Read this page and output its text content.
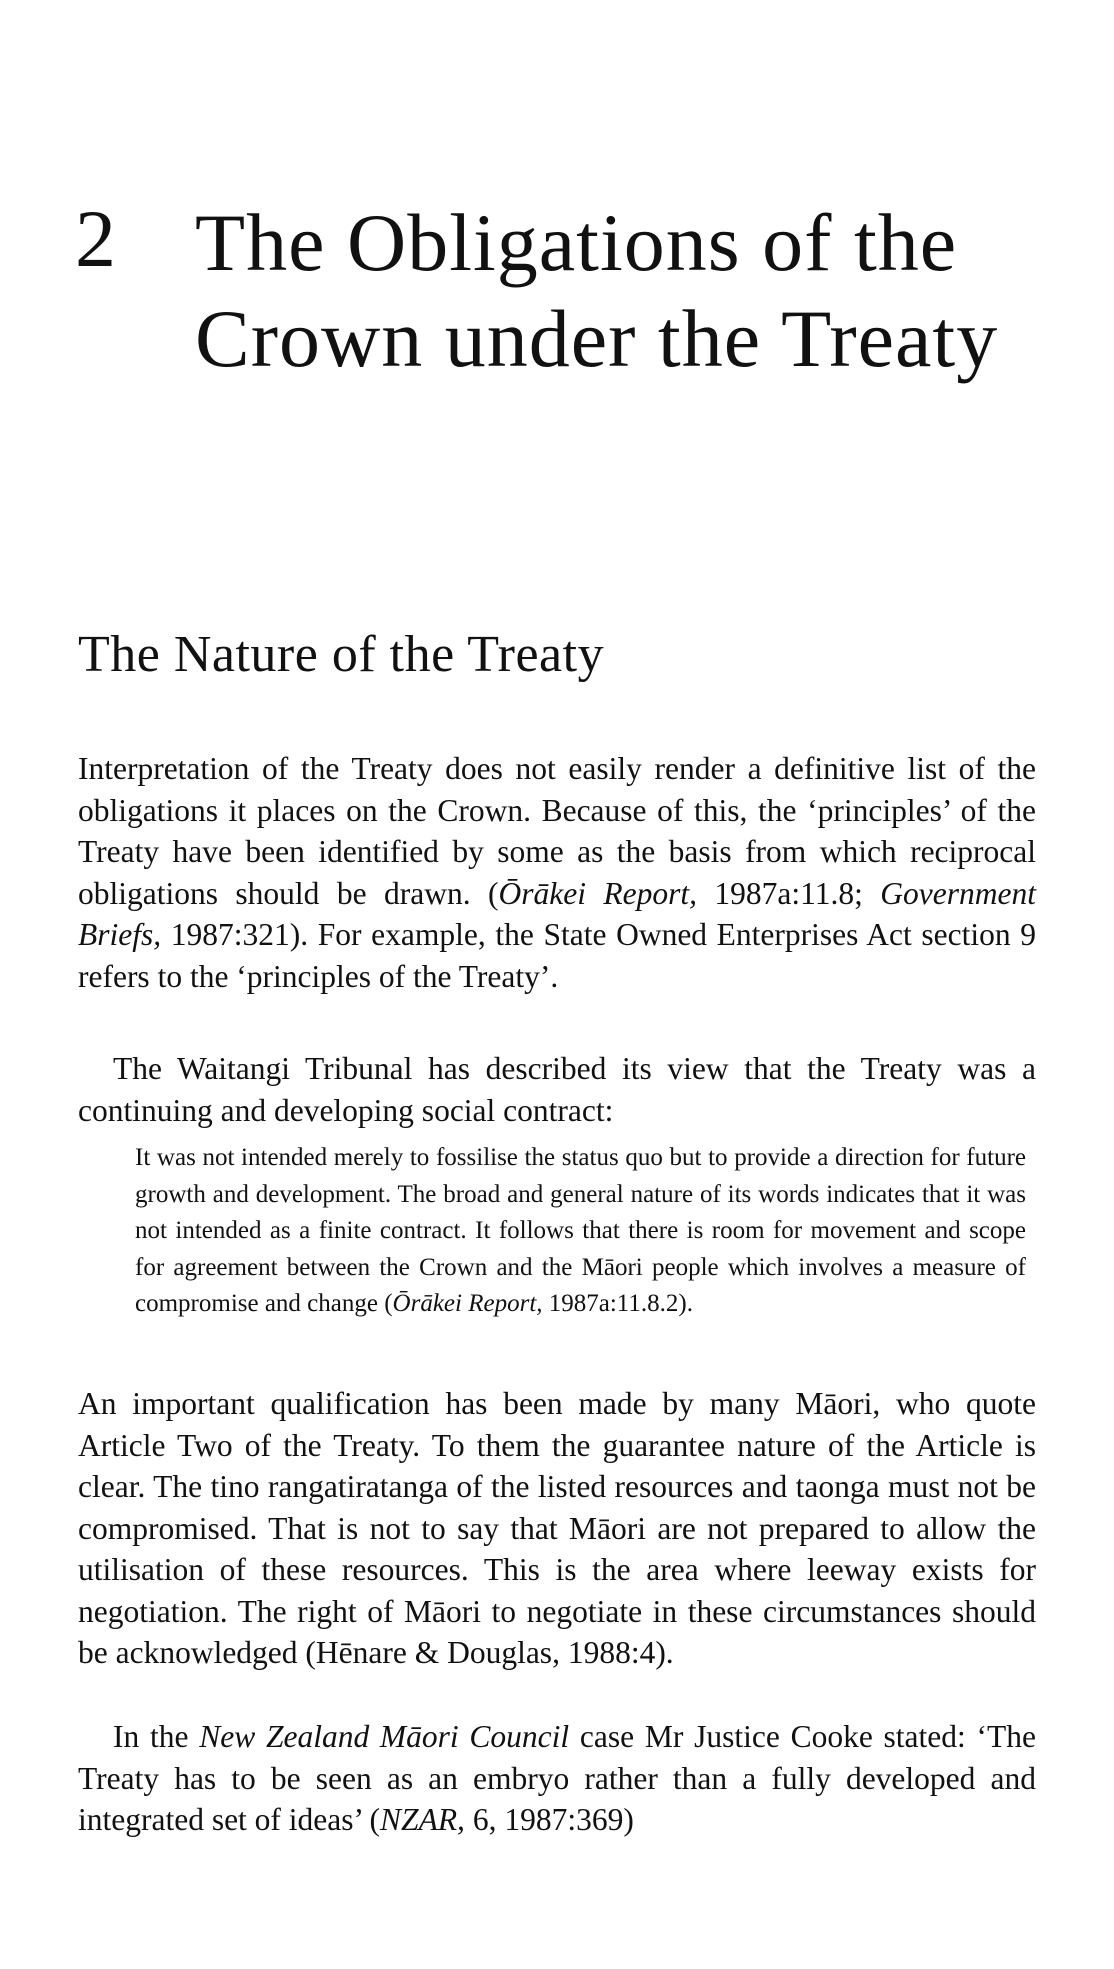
2 The Obligations of the
Crown under the Treaty
The Nature of the Treaty

Interpretation of the Treaty does not easily render a definitive list of the obligations it places on the Crown. Because of this, the ‘principles’ of the Treaty have been identified by some as the basis from which reciprocal obligations should be drawn. (Ōrākei Report, 1987a:11.8; Government Briefs, 1987:321). For example, the State Owned Enterprises Act section 9 refers to the ‘principles of the Treaty’.

The Waitangi Tribunal has described its view that the Treaty was a continuing and developing social contract:

It was not intended merely to fossilise the status quo but to provide a direction for future growth and development. The broad and general nature of its words indicates that it was not intended as a finite contract. It follows that there is room for movement and scope for agreement between the Crown and the Māori people which involves a measure of compromise and change (Ōrākei Report, 1987a:11.8.2).

An important qualification has been made by many Māori, who quote Article Two of the Treaty. To them the guarantee nature of the Article is clear. The tino rangatiratanga of the listed resources and taonga must not be compromised. That is not to say that Māori are not prepared to allow the utilisation of these resources. This is the area where leeway exists for negotiation. The right of Māori to negotiate in these circumstances should be acknowledged (Hēnare & Douglas, 1988:4).

In the New Zealand Māori Council case Mr Justice Cooke stated: ‘The Treaty has to be seen as an embryo rather than a fully developed and integrated set of ideas’ (NZAR, 6, 1987:369)
